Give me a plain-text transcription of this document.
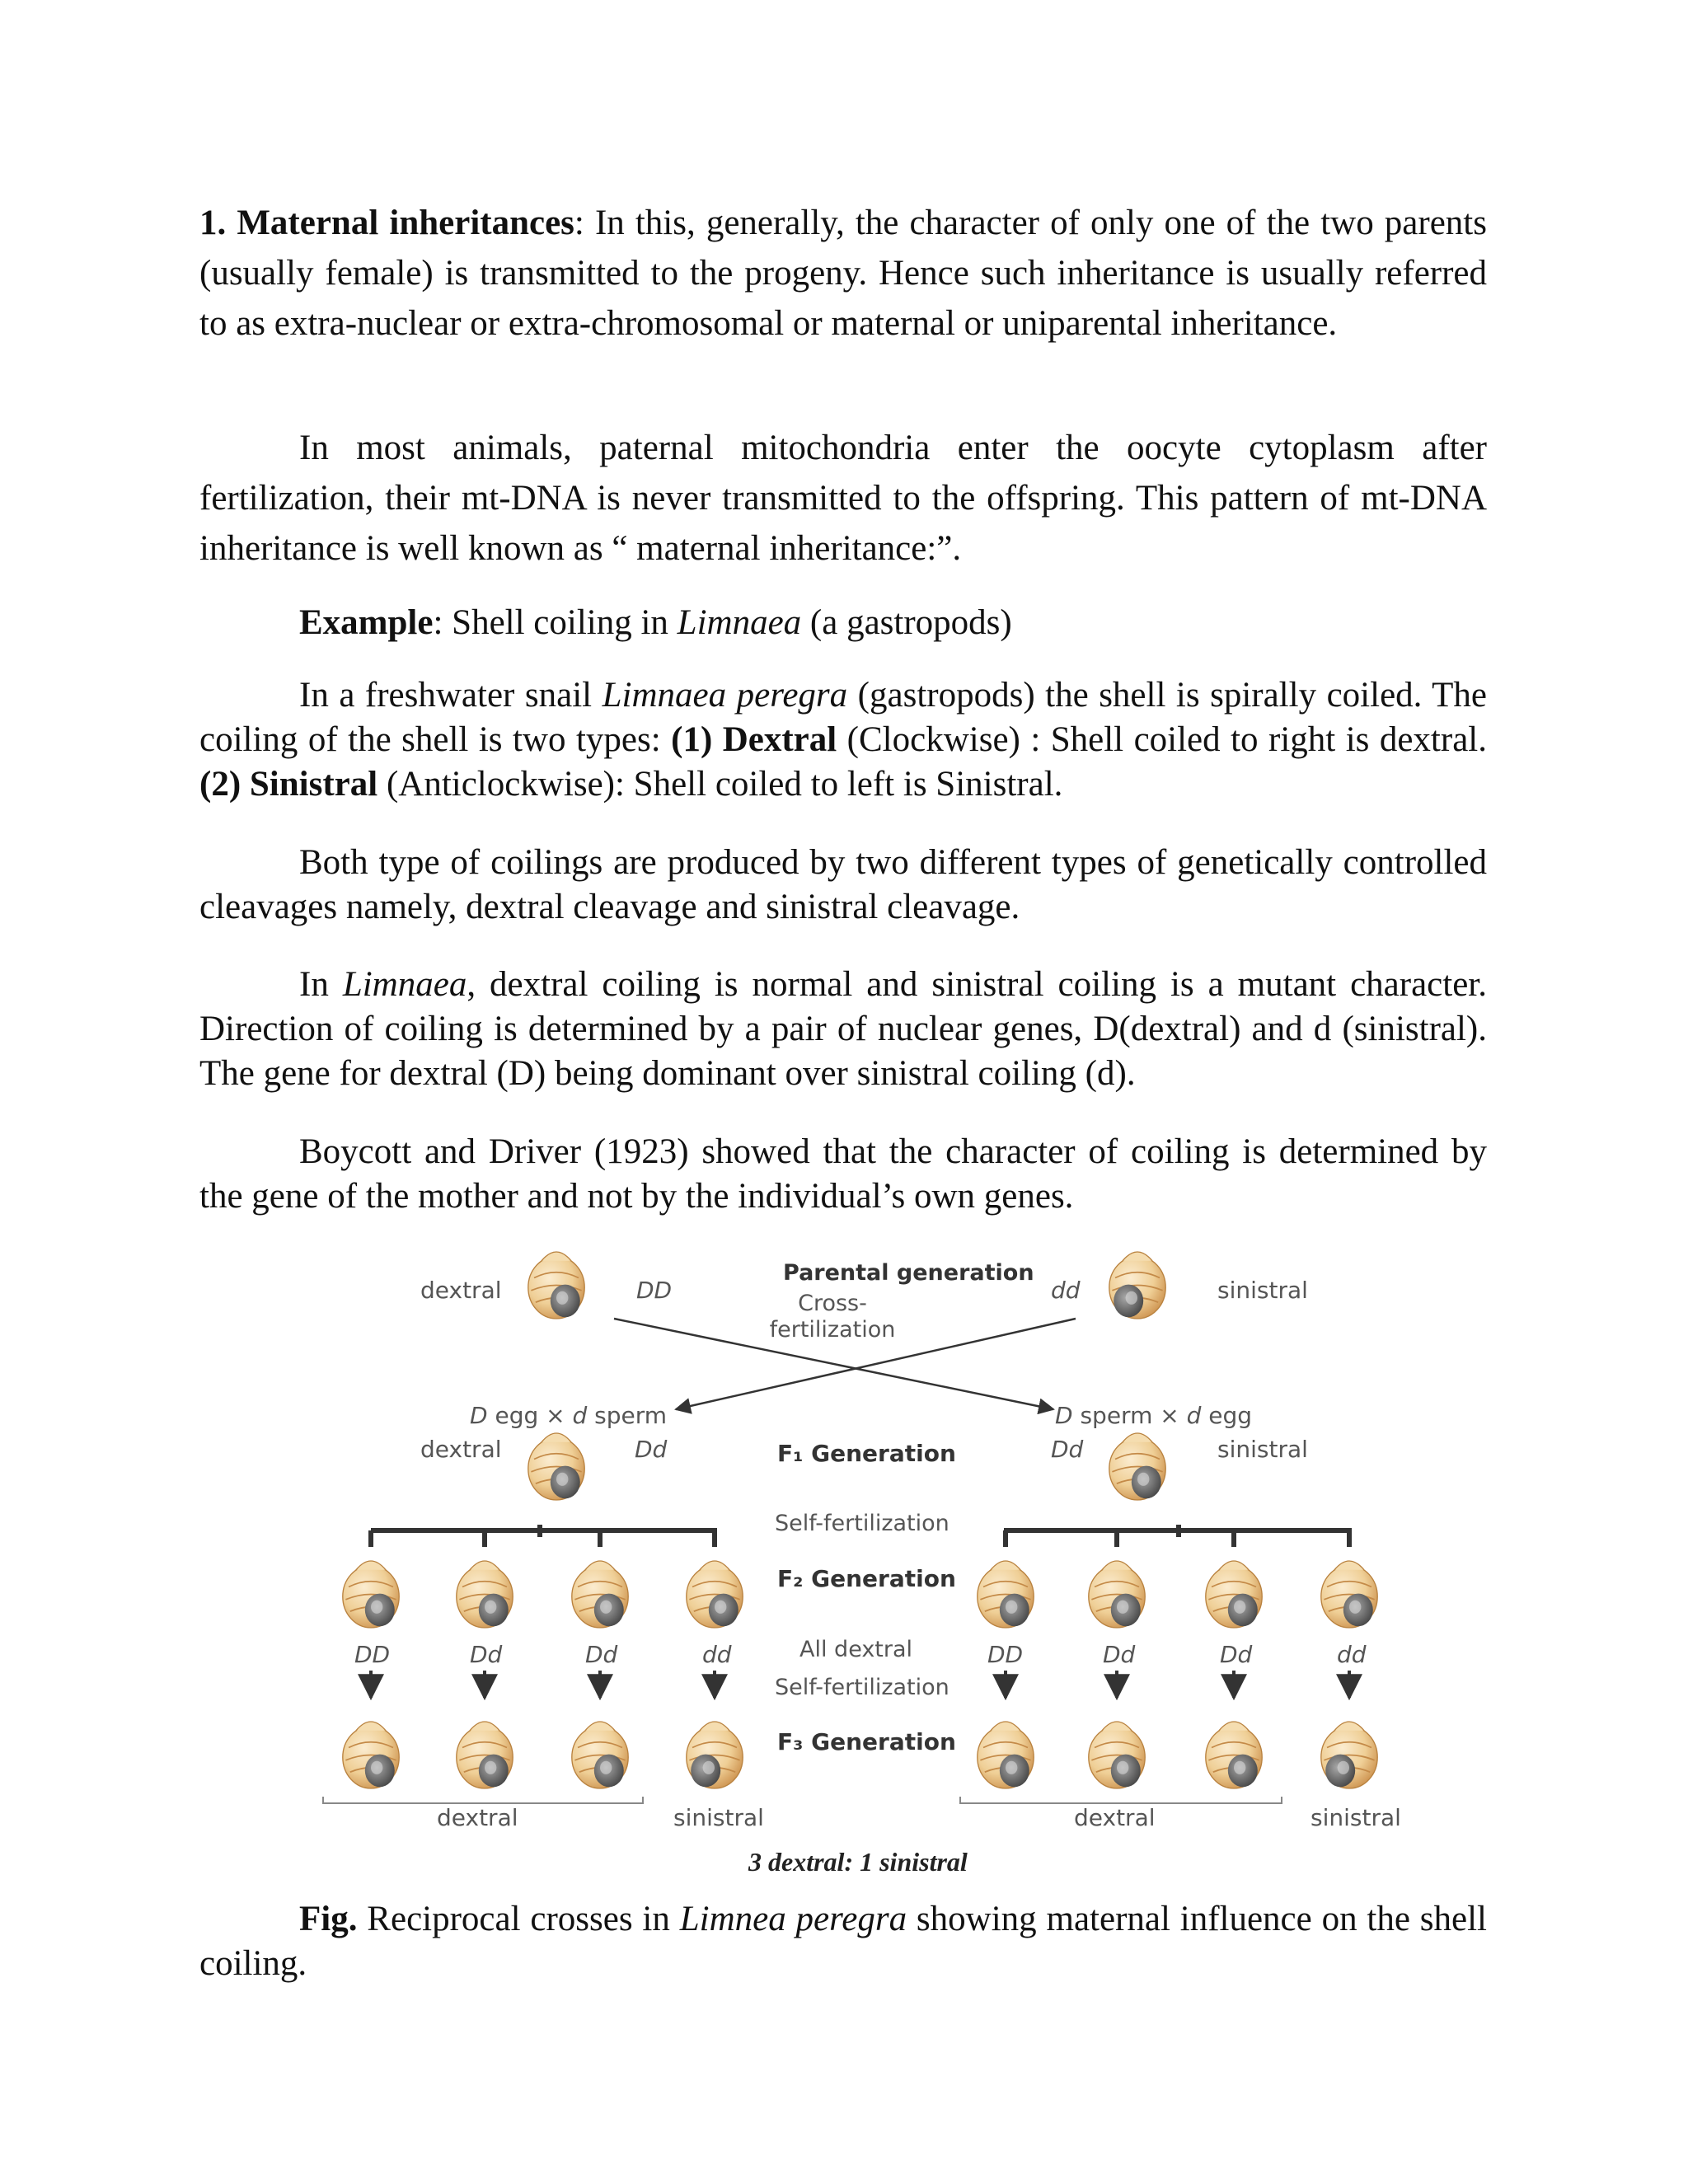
1. Maternal inheritances: In this, generally, the character of only one of the two parents (usually female) is transmitted to the progeny. Hence such inheritance is usually referred to as extra-nuclear or extra-chromosomal or maternal or uniparental inheritance.

In most animals, paternal mitochondria enter the oocyte cytoplasm after fertilization, their mt-DNA is never transmitted to the offspring. This pattern of mt-DNA inheritance is well known as “ maternal inheritance:”.

Example: Shell coiling in Limnaea (a gastropods)

In a freshwater snail Limnaea peregra (gastropods) the shell is spirally coiled. The coiling of the shell is two types: (1) Dextral (Clockwise) : Shell coiled to right is dextral. (2) Sinistral (Anticlockwise): Shell coiled to left is Sinistral.

Both type of coilings are produced by two different types of genetically controlled cleavages namely, dextral cleavage and sinistral cleavage.

In Limnaea, dextral coiling is normal and sinistral coiling is a mutant character. Direction of coiling is determined by a pair of nuclear genes, D(dextral) and d (sinistral). The gene for dextral (D) being dominant over sinistral coiling (d).

Boycott and Driver (1923) showed that the character of coiling is determined by the gene of the mother and not by the individual’s own genes.

dextral	DD
Parental generation
Cross-
fertilization
dd	sinistral
D egg × d sperm	D sperm × d egg
dextral	Dd	F₁ Generation	Dd	sinistral
Self-fertilization
F₂ Generation
DD	Dd	Dd	dd	DD	Dd	Dd	dd
All dextral
Self-fertilization
F₃ Generation
dextral	sinistral	dextral	sinistral
3 dextral: 1 sinistral

Fig. Reciprocal crosses in Limnea peregra showing maternal influence on the shell coiling.
